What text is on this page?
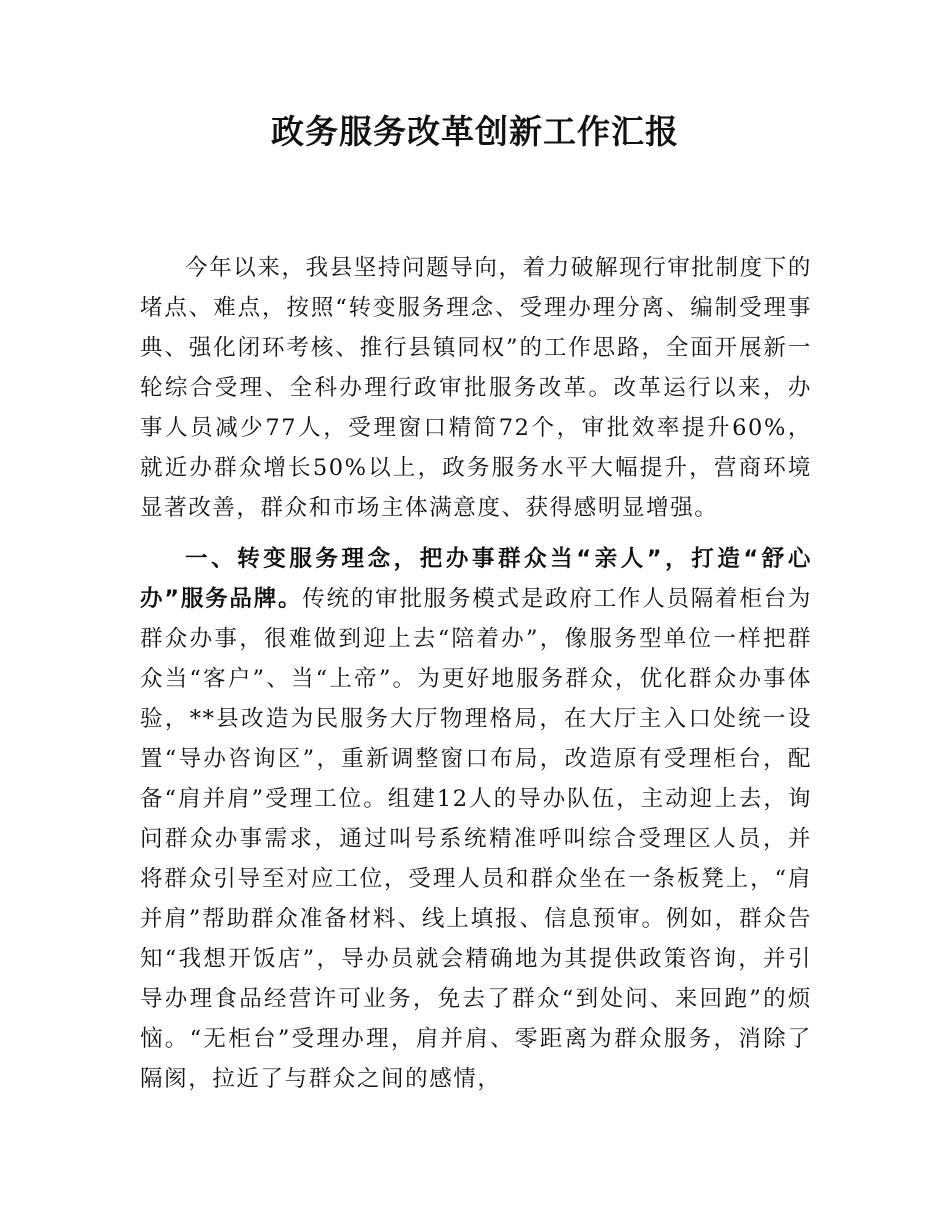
政务服务改革创新工作汇报

今年以来，我县坚持问题导向，着力破解现行审批制度下的堵点、难点，按照“转变服务理念、受理办理分离、编制受理事典、强化闭环考核、推行县镇同权”的工作思路，全面开展新一轮综合受理、全科办理行政审批服务改革。改革运行以来，办事人员减少77人，受理窗口精简72个，审批效率提升60%，就近办群众增长50%以上，政务服务水平大幅提升，营商环境显著改善，群众和市场主体满意度、获得感明显增强。

一、转变服务理念，把办事群众当“亲人”，打造“舒心办”服务品牌。传统的审批服务模式是政府工作人员隔着柜台为群众办事，很难做到迎上去“陪着办”，像服务型单位一样把群众当“客户”、当“上帝”。为更好地服务群众，优化群众办事体验，**县改造为民服务大厅物理格局，在大厅主入口处统一设置“导办咨询区”，重新调整窗口布局，改造原有受理柜台，配备“肩并肩”受理工位。组建12人的导办队伍，主动迎上去，询问群众办事需求，通过叫号系统精准呼叫综合受理区人员，并将群众引导至对应工位，受理人员和群众坐在一条板凳上，“肩并肩”帮助群众准备材料、线上填报、信息预审。例如，群众告知“我想开饭店”，导办员就会精确地为其提供政策咨询，并引导办理食品经营许可业务，免去了群众“到处问、来回跑”的烦恼。“无柜台”受理办理，肩并肩、零距离为群众服务，消除了隔阂，拉近了与群众之间的感情，
